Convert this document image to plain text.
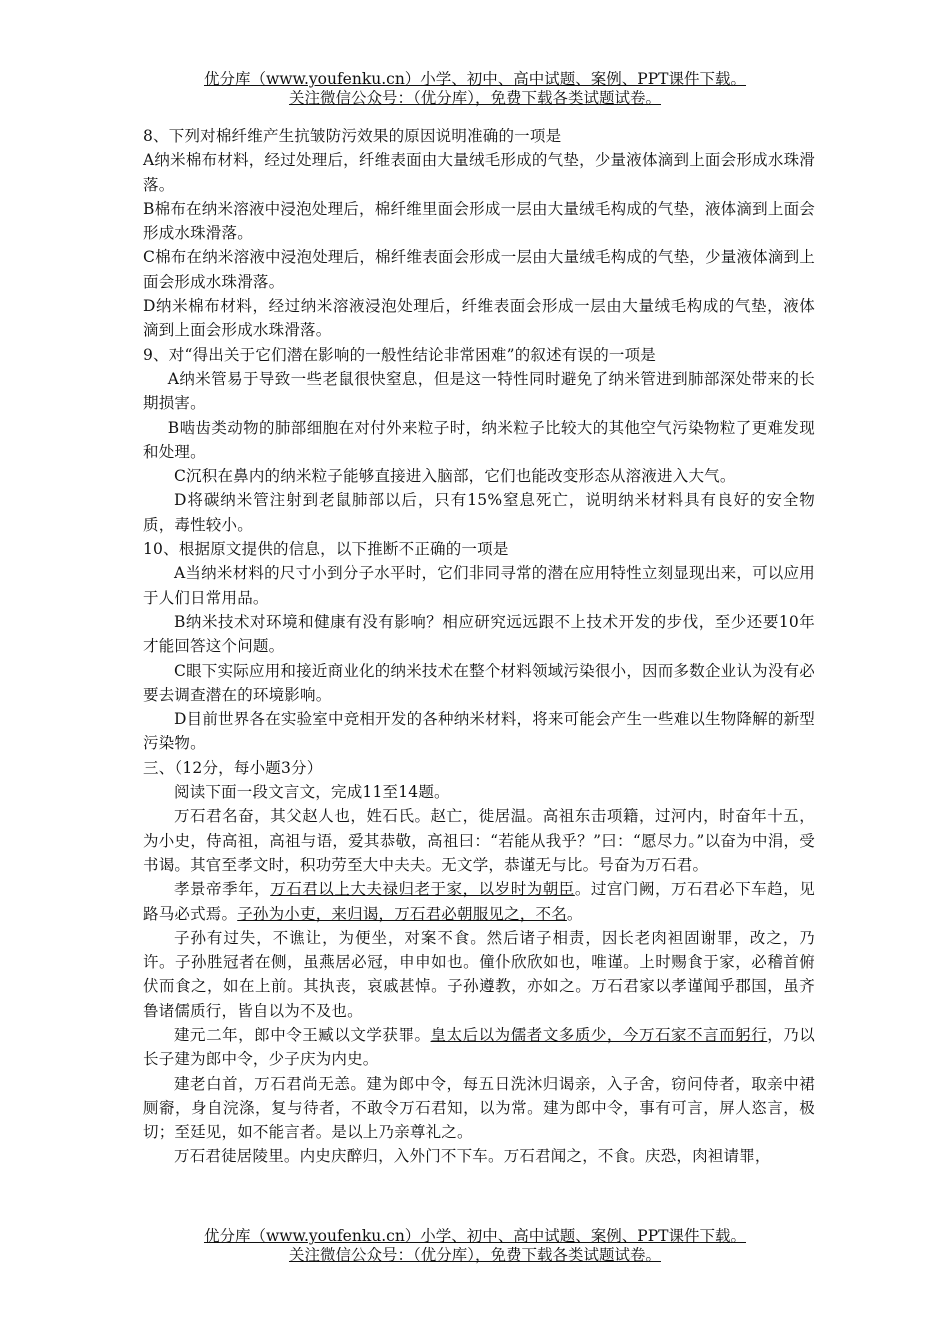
优分库（www.youfenku.cn）小学、初中、高中试题、案例、PPT课件下载。
关注微信公众号：（优分库），免费下载各类试题试卷。

8、下列对棉纤维产生抗皱防污效果的原因说明准确的一项是

A纳米棉布材料，经过处理后，纤维表面由大量绒毛形成的气垫，少量液体滴到上面会形成水珠滑落。

B棉布在纳米溶液中浸泡处理后，棉纤维里面会形成一层由大量绒毛构成的气垫，液体滴到上面会形成水珠滑落。

C棉布在纳米溶液中浸泡处理后，棉纤维表面会形成一层由大量绒毛构成的气垫，少量液体滴到上面会形成水珠滑落。

D纳米棉布材料，经过纳米溶液浸泡处理后，纤维表面会形成一层由大量绒毛构成的气垫，液体滴到上面会形成水珠滑落。

9、对“得出关于它们潜在影响的一般性结论非常困难”的叙述有误的一项是

A纳米管易于导致一些老鼠很快窒息，但是这一特性同时避免了纳米管进到肺部深处带来的长期损害。

B啮齿类动物的肺部细胞在对付外来粒子时，纳米粒子比较大的其他空气污染物粒了更难发现和处理。

C沉积在鼻内的纳米粒子能够直接进入脑部，它们也能改变形态从溶液进入大气。

D将碳纳米管注射到老鼠肺部以后，只有15%窒息死亡，说明纳米材料具有良好的安全物质，毒性较小。

10、根据原文提供的信息，以下推断不正确的一项是

A当纳米材料的尺寸小到分子水平时，它们非同寻常的潜在应用特性立刻显现出来，可以应用于人们日常用品。

B纳米技术对环境和健康有没有影响？相应研究远远跟不上技术开发的步伐，至少还要10年才能回答这个问题。

C眼下实际应用和接近商业化的纳米技术在整个材料领域污染很小，因而多数企业认为没有必要去调查潜在的环境影响。

D目前世界各在实验室中竞相开发的各种纳米材料，将来可能会产生一些难以生物降解的新型污染物。

三、（12分，每小题3分）

阅读下面一段文言文，完成11至14题。

万石君名奋，其父赵人也，姓石氏。赵亡，徙居温。高祖东击项籍，过河内，时奋年十五，为小史，侍高祖，高祖与语，爱其恭敬，高祖曰：“若能从我乎？”曰：“愿尽力。”以奋为中涓，受书谒。其官至孝文时，积功劳至大中夫夫。无文学，恭谨无与比。号奋为万石君。

孝景帝季年，万石君以上大夫禄归老于家，以岁时为朝臣。过宫门阙，万石君必下车趋，见路马必式焉。子孙为小吏，来归谒，万石君必朝服见之，不名。

子孙有过失，不谯让，为便坐，对案不食。然后诸子相责，因长老肉袒固谢罪，改之，乃许。子孙胜冠者在侧，虽燕居必冠，申申如也。僮仆欣欣如也，唯谨。上时赐食于家，必稽首俯伏而食之，如在上前。其执丧，哀戚甚悼。子孙遵教，亦如之。万石君家以孝谨闻乎郡国，虽齐鲁诸儒质行，皆自以为不及也。

建元二年，郎中令王臧以文学获罪。皇太后以为儒者文多质少，今万石家不言而躬行，乃以长子建为郎中令，少子庆为内史。

建老白首，万石君尚无恙。建为郎中令，每五日洗沐归谒亲，入子舍，窃问侍者，取亲中裙厕窬，身自浣涤，复与待者，不敢令万石君知，以为常。建为郎中令，事有可言，屏人恣言，极切；至廷见，如不能言者。是以上乃亲尊礼之。

万石君徒居陵里。内史庆醉归，入外门不下车。万石君闻之，不食。庆恐，肉袒请罪，

优分库（www.youfenku.cn）小学、初中、高中试题、案例、PPT课件下载。
关注微信公众号：（优分库），免费下载各类试题试卷。
